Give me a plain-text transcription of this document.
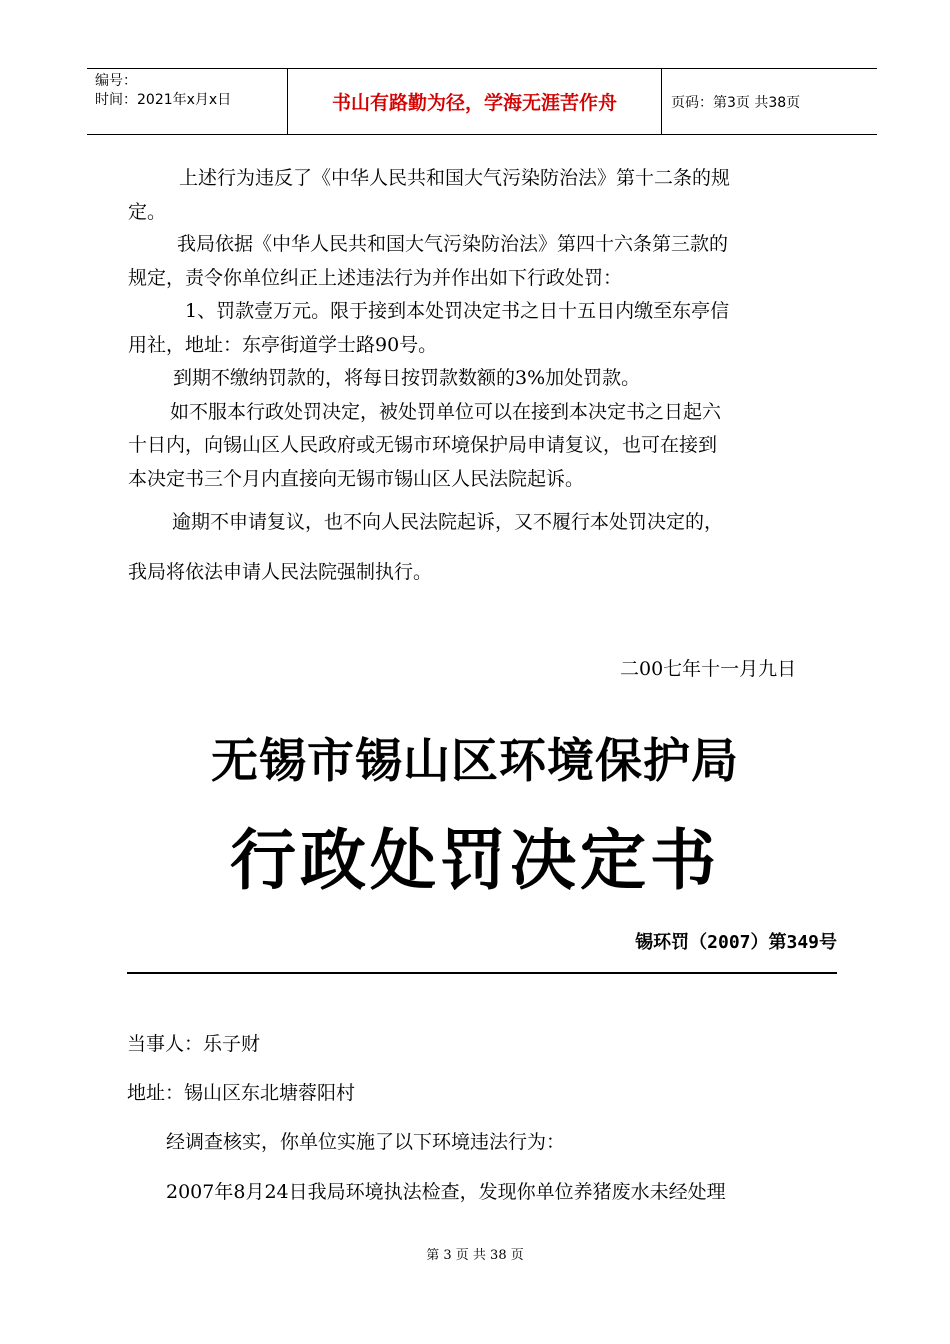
编号：
时间：2021年x月x日	书山有路勤为径，学海无涯苦作舟	页码：第3页 共38页
上述行为违反了《中华人民共和国大气污染防治法》第十二条的规
定。
我局依据《中华人民共和国大气污染防治法》第四十六条第三款的
规定，责令你单位纠正上述违法行为并作出如下行政处罚：
1、罚款壹万元。限于接到本处罚决定书之日十五日内缴至东亭信
用社，地址：东亭街道学士路90号。
到期不缴纳罚款的，将每日按罚款数额的3%加处罚款。
如不服本行政处罚决定，被处罚单位可以在接到本决定书之日起六
十日内，向锡山区人民政府或无锡市环境保护局申请复议，也可在接到
本决定书三个月内直接向无锡市锡山区人民法院起诉。
逾期不申请复议，也不向人民法院起诉，又不履行本处罚决定的，
我局将依法申请人民法院强制执行。
二00七年十一月九日
无锡市锡山区环境保护局
行政处罚决定书
锡环罚（2007）第349号
当事人：乐子财
地址：锡山区东北塘蓉阳村
经调查核实，你单位实施了以下环境违法行为：
2007年8月24日我局环境执法检查，发现你单位养猪废水未经处理
第 3 页 共 38 页
